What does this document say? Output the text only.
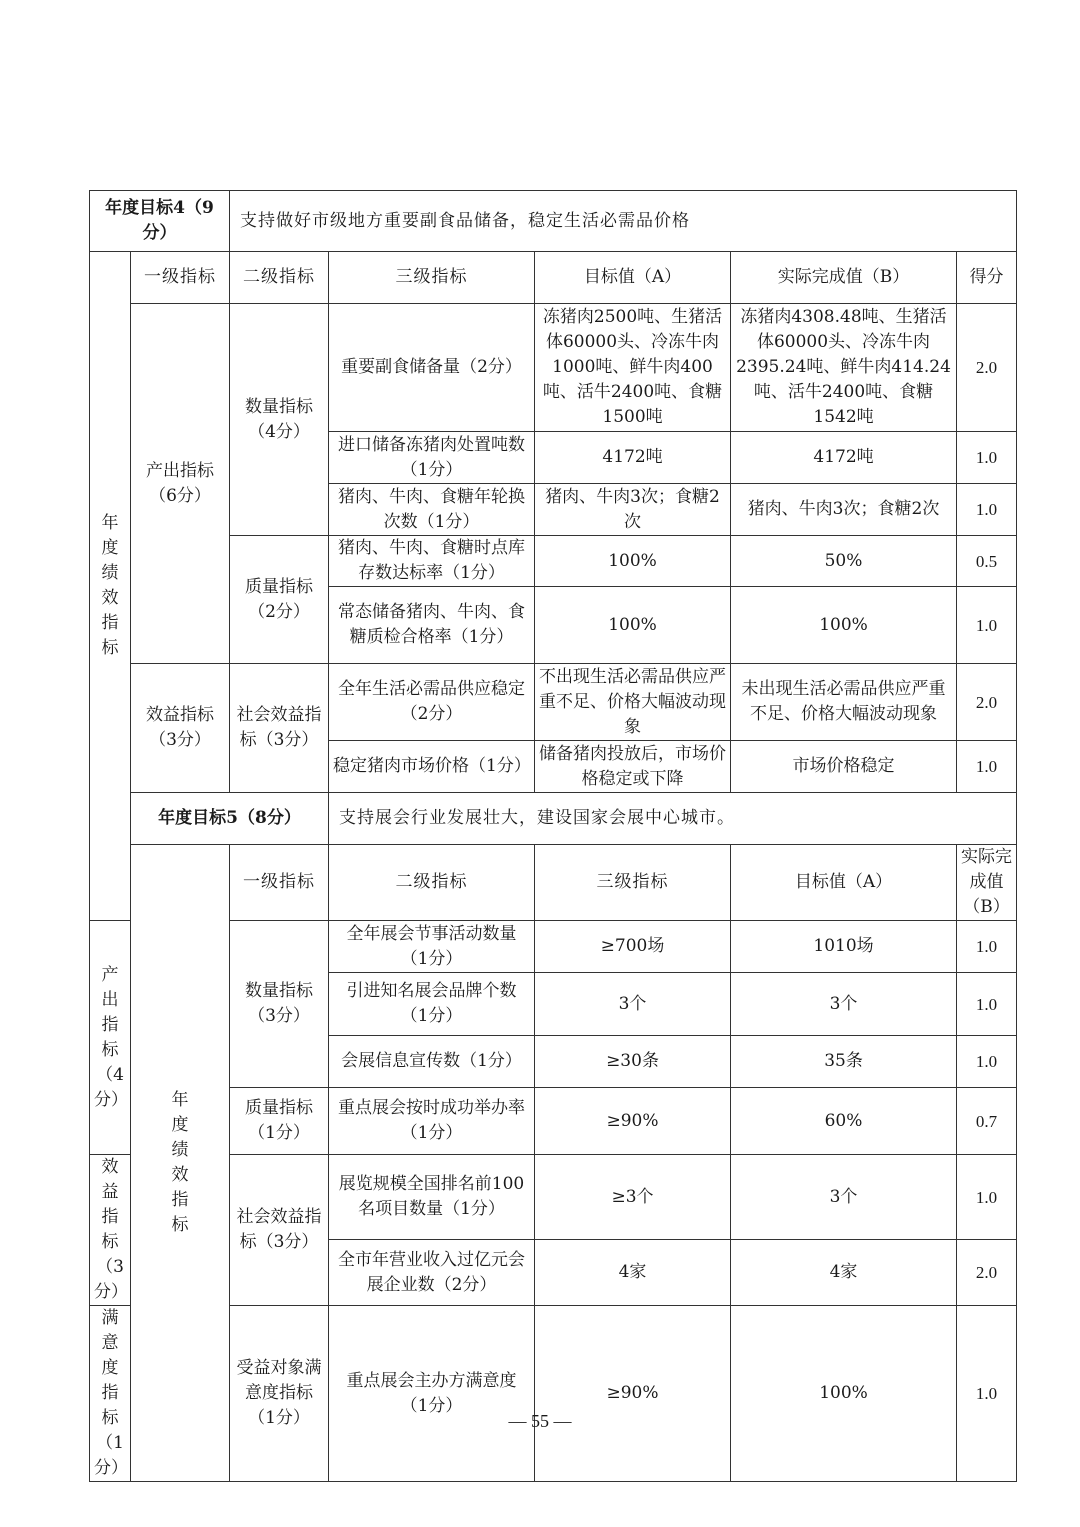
年度目标4（9分）		支持做好市级地方重要副食品储备，稳定生活必需品价格					
年度绩效指标	一级指标	二级指标	三级指标	目标值（A）	实际完成值（B）	得分	
	产出指标（6分）	数量指标（4分）	重要副食储备量（2分）	冻猪肉2500吨、生猪活体60000头、冷冻牛肉1000吨、鲜牛肉400吨、活牛2400吨、食糖1500吨	冻猪肉4308.48吨、生猪活体60000头、冷冻牛肉2395.24吨、鲜牛肉414.24吨、活牛2400吨、食糖1542吨	2.0	
			进口储备冻猪肉处置吨数（1分）	4172吨	4172吨	1.0	
			猪肉、牛肉、食糖年轮换次数（1分）	猪肉、牛肉3次；食糖2次	猪肉、牛肉3次；食糖2次	1.0	
		质量指标（2分）	猪肉、牛肉、食糖时点库存数达标率（1分）	100%	50%	0.5	
			常态储备猪肉、牛肉、食糖质检合格率（1分）	100%	100%	1.0	
	效益指标（3分）	社会效益指标（3分）	全年生活必需品供应稳定（2分）	不出现生活必需品供应严重不足、价格大幅波动现象	未出现生活必需品供应严重不足、价格大幅波动现象	2.0	
			稳定猪肉市场价格（1分）	储备猪肉投放后，市场价格稳定或下降	市场价格稳定	1.0	
	年度目标5（8分）		支持展会行业发展壮大，建设国家会展中心城市。				
	年度绩效指标	一级指标	二级指标	三级指标	目标值（A）	实际完成值（B）	
产出指标（4分）		数量指标（3分）	全年展会节事活动数量（1分）	≥700场	1010场	1.0	
			引进知名展会品牌个数（1分）	3个	3个	1.0	
			会展信息宣传数（1分）	≥30条	35条	1.0	
		质量指标（1分）	重点展会按时成功举办率（1分）	≥90%	60%	0.7	
效益指标（3分）		社会效益指标（3分）	展览规模全国排名前100名项目数量（1分）	≥3个	3个	1.0	
			全市年营业收入过亿元会展企业数（2分）	4家	4家	2.0	
满意度指标（1分）		受益对象满意度指标（1分）	重点展会主办方满意度（1分）	≥90%	100%	1.0	
— 55 —
